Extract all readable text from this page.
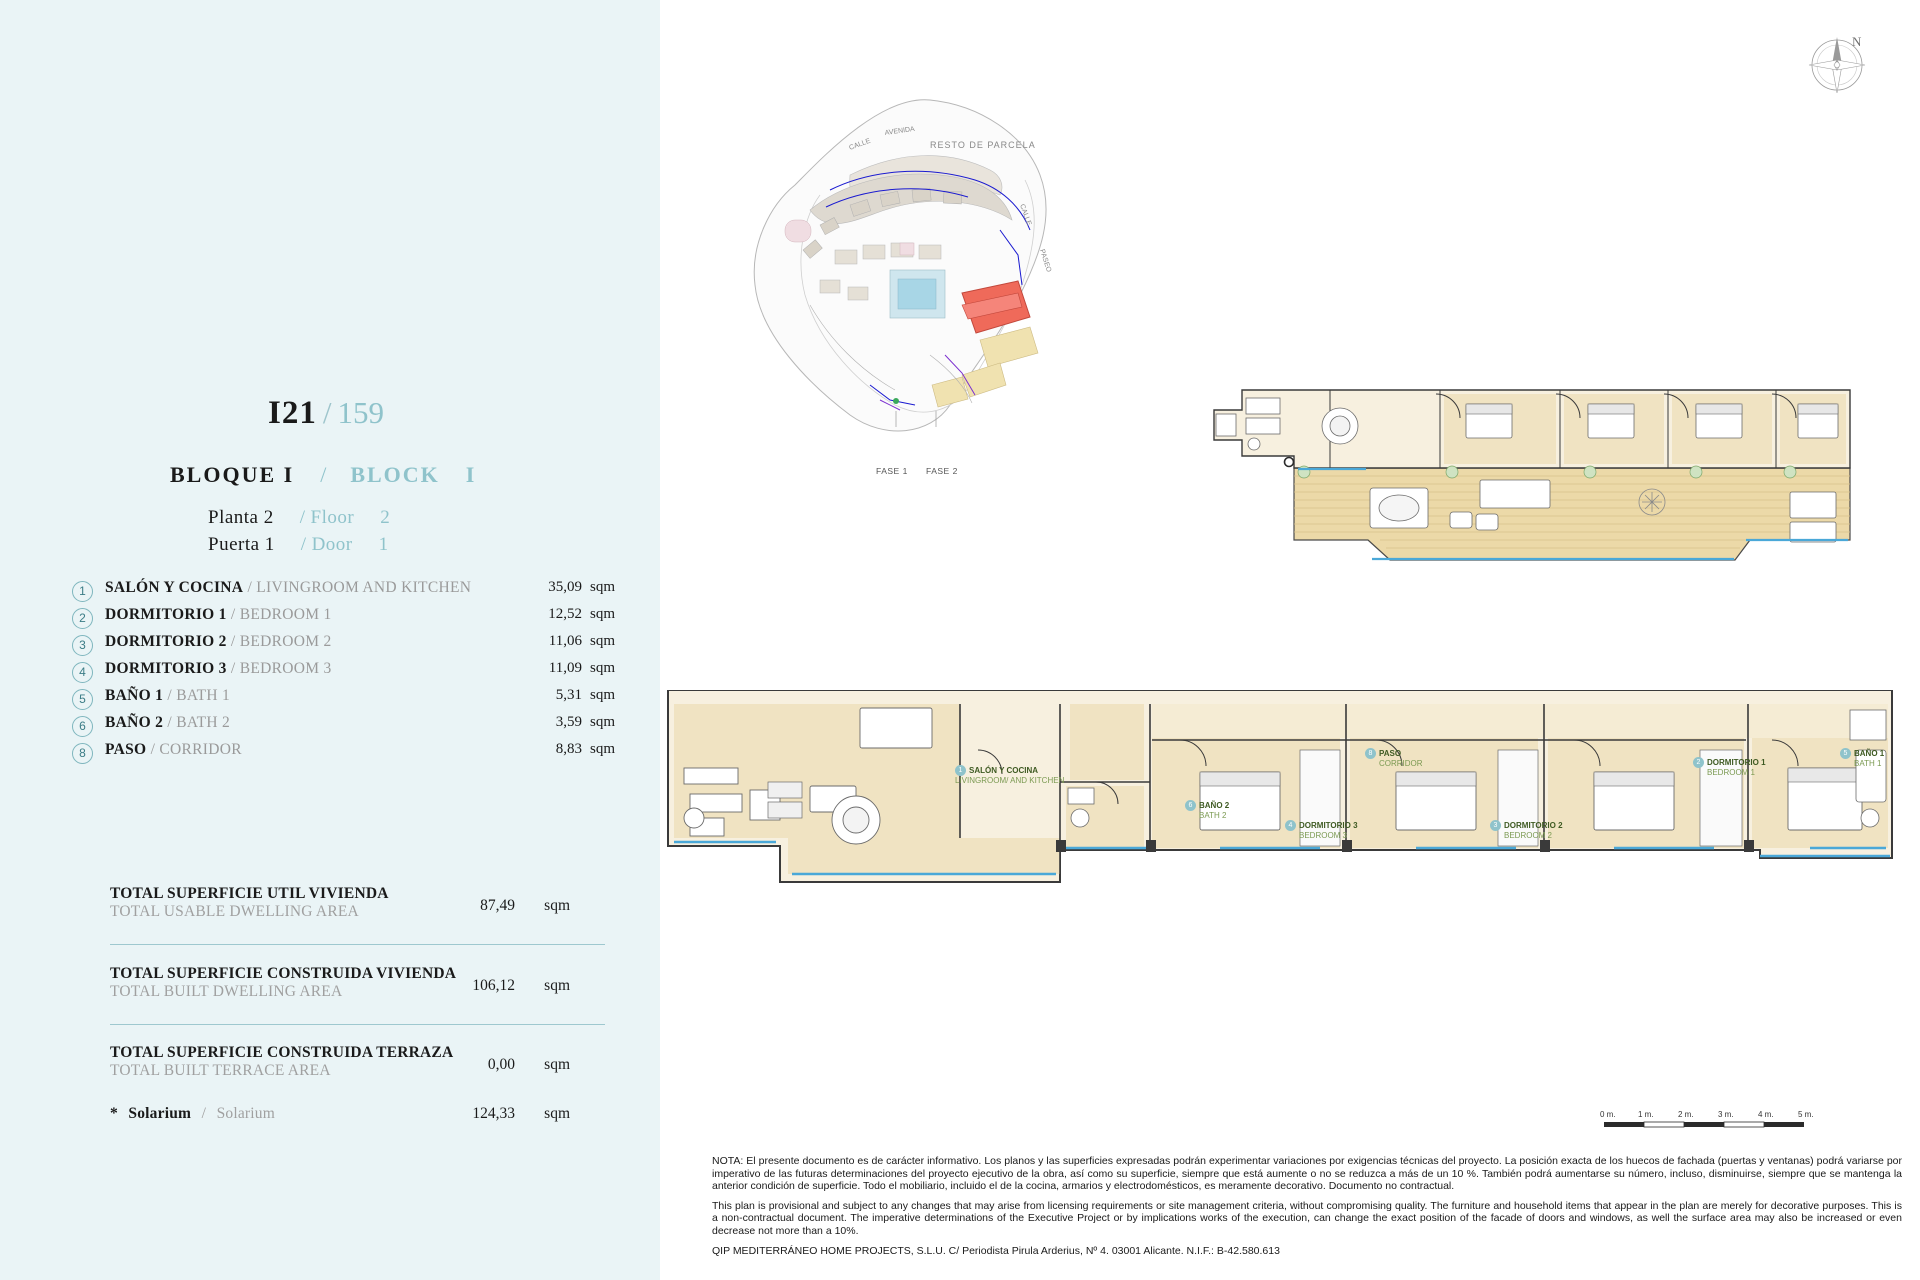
I21 / 159
BLOQUE I / BLOCK I
Planta 2 / Floor 2
Puerta 1 / Door 1
1	SALÓN Y COCINA / LIVINGROOM AND KITCHEN	35,09 sqm
2	DORMITORIO 1 / BEDROOM 1	12,52 sqm
3	DORMITORIO 2 / BEDROOM 2	11,06 sqm
4	DORMITORIO 3 / BEDROOM 3	11,09 sqm
5	BAÑO 1 / BATH 1	5,31 sqm
6	BAÑO 2 / BATH 2	3,59 sqm
8	PASO / CORRIDOR	8,83 sqm
TOTAL SUPERFICIE UTIL VIVIENDA
TOTAL USABLE DWELLING AREA	87,49 sqm
TOTAL SUPERFICIE CONSTRUIDA VIVIENDA
TOTAL BUILT DWELLING AREA	106,12 sqm
TOTAL SUPERFICIE CONSTRUIDA TERRAZA
TOTAL BUILT TERRACE AREA	0,00 sqm
* Solarium / Solarium	124,33 sqm
N
CALLE
AVENIDA
CALLE
PASEO
RESTO DE PARCELA
FASE 1 FASE 2
1 SALÓN Y COCINA
LIVINGROOM/ AND KITCHEN
8 PASO
CORRIDOR	2 DORMITORIO 1
BEDROOM 1
5 BAÑO 1
BATH 1
6 BAÑO 2
BATH 2
4 DORMITORIO 3
BEDROOM 3
3 DORMITORIO 2
BEDROOM 2
0 m.	1 m.	2 m.	3 m.	4 m.	5 m.

NOTA: El presente documento es de carácter informativo. Los planos y las superficies expresadas podrán experimentar variaciones por exigencias técnicas del proyecto. La posición exacta de los huecos de fachada (puertas y ventanas) podrá variarse por imperativo de las futuras determinaciones del proyecto ejecutivo de la obra, así como su superficie, siempre que está aumente o no se reduzca a más de un 10 %. También podrá aumentarse su número, incluso, disminuirse, siempre que se mantenga la anterior condición de superficie. Todo el mobiliario, incluido el de la cocina, armarios y electrodomésticos, es meramente decorativo. Documento no contractual.

This plan is provisional and subject to any changes that may arise from licensing requirements or site management criteria, without compromising quality. The furniture and household items that appear in the plan are merely for decorative purposes. This is a non-contractual document. The imperative determinations of the Executive Project or by implications works of the execution, can change the exact position of the facade of doors and windows, as well the surface area may also be increased or even decrease not more than a 10%.

QIP MEDITERRÁNEO HOME PROJECTS, S.L.U. C/ Periodista Pirula Arderius, Nº 4. 03001 Alicante. N.I.F.: B-42.580.613
